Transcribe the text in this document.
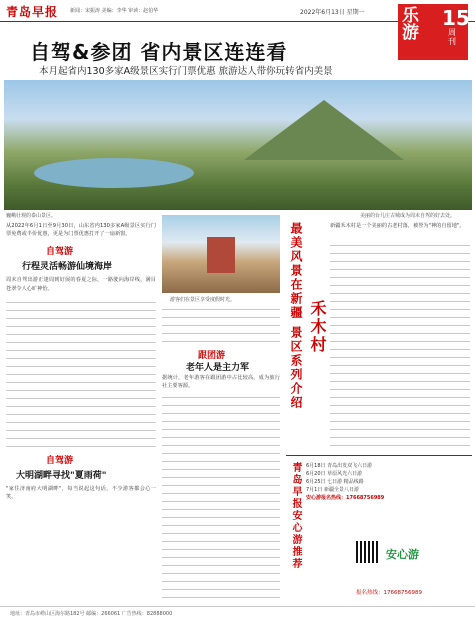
青岛早报 新闻：宋振涛 美编：李华 审读：赵伯华	2022年6月13日 星期一 乐游
15
周刊
自驾&参团 省内景区连连看
本月起省内130多家A级景区实行门票优惠 旅游达人带你玩转省内美景
巍峨壮观的泰山景区。	美丽的台儿庄古城成为周末自驾的好去处。
从2022年6月1日至9月30日，山东省内130多家A级景区实行门票免费或半价优惠，更是为门票优惠打开了一扇新窗。
自驾游
行程灵活畅游仙境海岸
周末自驾出游正逢周到好展的春夏之际，一路驶向海岸线，满目苍翠令人心旷神怡。
自驾游
大明湖畔寻找"夏雨荷"
"家住济南府大明湖畔"，每当说起这句话，不少游客都会心一笑。
游客们在景区享受度假时光。
跟团游
老年人是主力军
据统计，老年游客在跟团游中占比较高，成为旅行社主要客源。	最美风景在新疆 景区系列介绍 禾木村
新疆禾木村是一个美丽的古老村落，被誉为"神的自留地"。
青岛早报安心游推荐	6月18日 青岛出发双飞六日游
6月20日 草原风光六日游
6月25日 七日游 精品线路
7月1日 新疆全景八日游
安心游报名热线：17668756989
安心游
报名热线：17668756989
地址：青岛市崂山区海尔路182号 邮编：266061 广告热线：82888000
